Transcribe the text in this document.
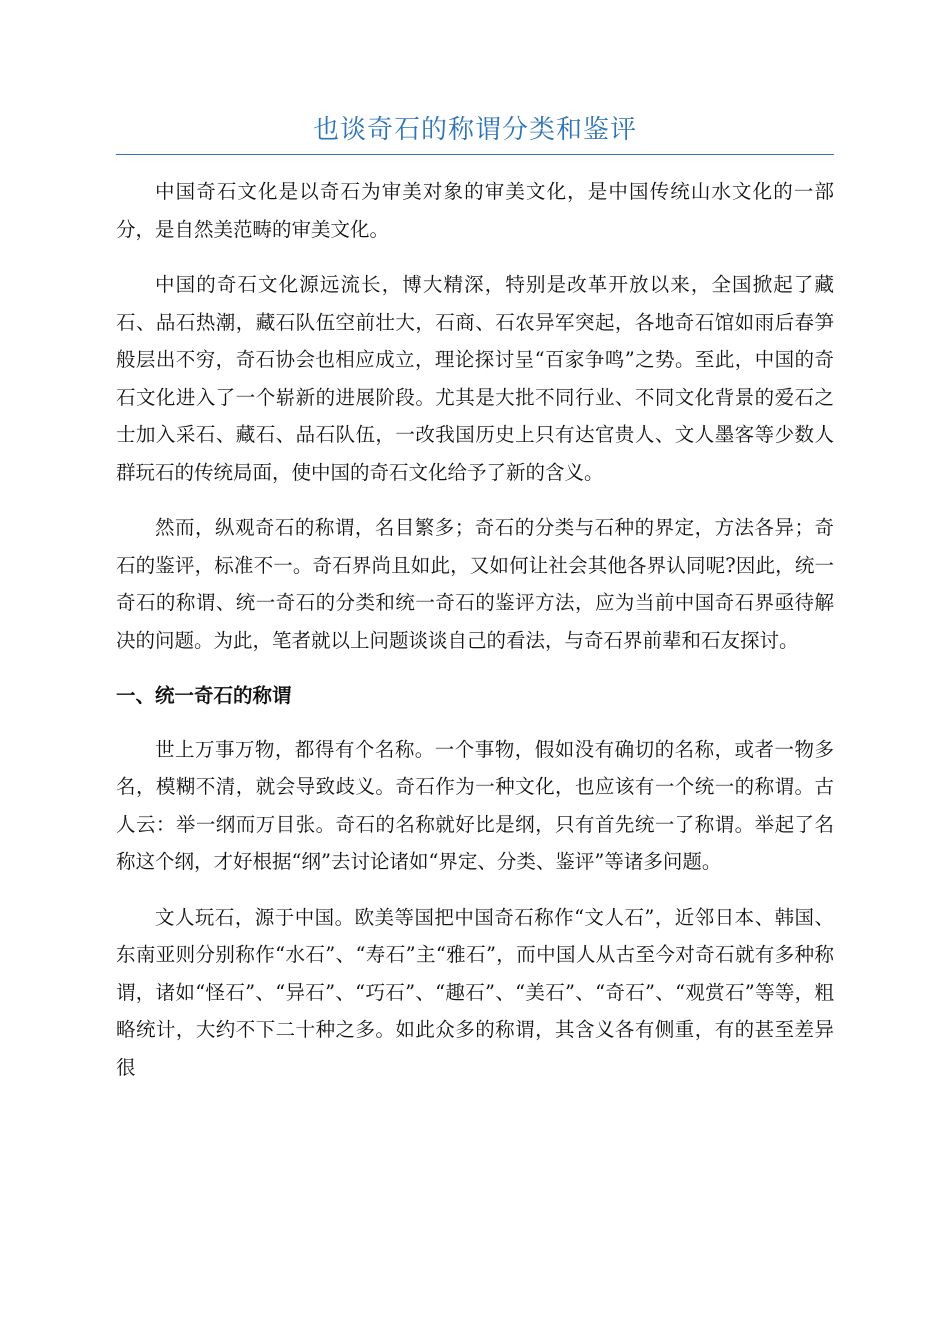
也谈奇石的称谓分类和鉴评

中国奇石文化是以奇石为审美对象的审美文化，是中国传统山水文化的一部分，是自然美范畴的审美文化。

中国的奇石文化源远流长，博大精深，特别是改革开放以来，全国掀起了藏石、品石热潮，藏石队伍空前壮大，石商、石农异军突起，各地奇石馆如雨后春笋般层出不穷，奇石协会也相应成立，理论探讨呈“百家争鸣”之势。至此，中国的奇石文化进入了一个崭新的进展阶段。尤其是大批不同行业、不同文化背景的爱石之士加入采石、藏石、品石队伍，一改我国历史上只有达官贵人、文人墨客等少数人群玩石的传统局面，使中国的奇石文化给予了新的含义。

然而，纵观奇石的称谓，名目繁多；奇石的分类与石种的界定，方法各异；奇石的鉴评，标准不一。奇石界尚且如此，又如何让社会其他各界认同呢?因此，统一奇石的称谓、统一奇石的分类和统一奇石的鉴评方法，应为当前中国奇石界亟待解决的问题。为此，笔者就以上问题谈谈自己的看法，与奇石界前辈和石友探讨。

一、统一奇石的称谓

世上万事万物，都得有个名称。一个事物，假如没有确切的名称，或者一物多名，模糊不清，就会导致歧义。奇石作为一种文化，也应该有一个统一的称谓。古人云：举一纲而万目张。奇石的名称就好比是纲，只有首先统一了称谓。举起了名称这个纲，才好根据“纲”去讨论诸如“界定、分类、鉴评”等诸多问题。

文人玩石，源于中国。欧美等国把中国奇石称作“文人石”，近邻日本、韩国、东南亚则分别称作“水石”、“寿石”主“雅石”，而中国人从古至今对奇石就有多种称谓，诸如“怪石”、“异石”、“巧石”、“趣石”、“美石”、“奇石”、“观赏石”等等，粗略统计，大约不下二十种之多。如此众多的称谓，其含义各有侧重，有的甚至差异很
